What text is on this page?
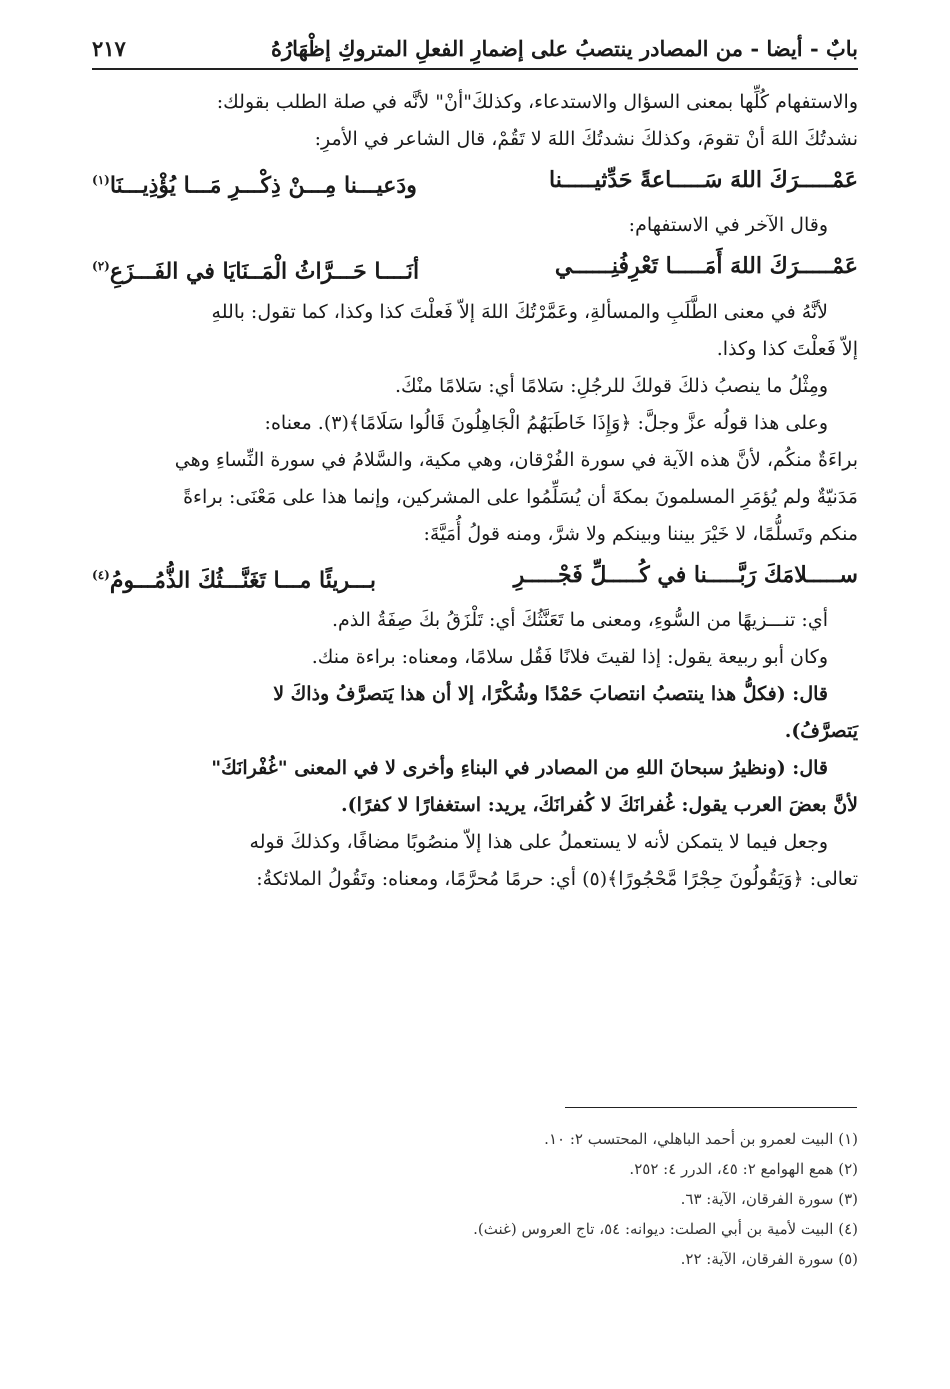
بابٌ - أيضا - من المصادر ينتصبُ على إضمارِ الفعلِ المتروكِ إظْهَارُهُ
٢١٧

والاستفهام كُلِّها بمعنى السؤال والاستدعاء، وكذلكَ"أنْ" لأنَّه في صلة الطلب بقولك:

نشدتُكَ اللهَ أنْ تقومَ، وكذلكَ نشدتُكَ اللهَ لا تَقُمْ، قال الشاعر في الأمرِ:

عَمْـــــرَكَ اللهَ سَـــــاعةً حَدِّثيـــــنا
ودَعيـــنا مِـــنْ ذِكْـــرِ مَـــا يُؤْذِيـــنَا$^{(١)}$

وقال الآخر في الاستفهام:

عَمْـــــرَكَ اللهَ أَمَـــــا تَعْرِفُنِــــــي
أنَــــا حَـــرَّاثُ الْمَــنَايَا في الفَـــزَعِ$^{(٢)}$

لأنَّهُ في معنى الطَّلَبِ والمسألةِ، وعَمَّرْتُكَ اللهَ إلاّ فَعلْتَ كذا وكذا، كما تقول: باللهِ

إلاّ فَعلْتَ كذا وكذا.

ومِثْلُ ما ينصبُ ذلكَ قولكَ للرجُلِ: سَلامًا أي: سَلامًا منْكَ.

وعلى هذا قولُه عزَّ وجلَّ: ﴿وَإِذَا خَاطَبَهُمُ الْجَاهِلُونَ قَالُوا سَلَامًا﴾(٣). معناه:

براءَةٌ منكُم، لأنَّ هذه الآية في سورة الفُرْقان، وهي مكية، والسَّلامُ في سورة النِّساءِ وهي

مَدَنيّةٌ ولم يُؤمَرِ المسلمونَ بمكةَ أن يُسَلِّمُوا على المشركين، وإنما هذا على مَعْنَى: براءةً

منكم وتَسلُّمًا، لا خَيْرَ بيننا وبينكم ولا شرَّ، ومنه قولُ أُمَيَّةَ:

ســـــلامَكَ رَبَّـــــنا في كُـــــلِّ فَجْـــــرِ
بـــريئًا مـــا تَغَنَّـــثُكَ الذُّمُـــومُ$^{(٤)}$

أي: تنـــزيهًا من السُّوءِ، ومعنى ما تَعَنَّثُكَ أي: تَلْزَقُ بكَ صِفَةُ الذم.

وكان أبو ربيعة يقول: إذا لقيتَ فلانًا فَقُل سلامًا، ومعناه: براءة منك.

قال: (فكلُّ هذا ينتصبُ انتصابَ حَمْدًا وشُكْرًا، إلا أن هذا يَتصرَّفُ وذاكَ لا

يَتصرَّفُ).

قال: (ونظيرُ سبحانَ اللهِ من المصادر في البناءِ وأخرى لا في المعنى "غُفْرانَكَ"

لأنَّ بعضَ العرب يقول: غُفرانَكَ لا كُفرانَكَ، يريد: استغفارًا لا كفرًا).

وجعل فيما لا يتمكن لأنه لا يستعملُ على هذا إلاّ منصُوبًا مضافًا، وكذلكَ قوله

تعالى: ﴿وَيَقُولُونَ حِجْرًا مَّحْجُورًا﴾(٥) أي: حرمًا مُحرَّمًا، ومعناه: وتَقُولُ الملائكةُ:

(١) البيت لعمرو بن أحمد الباهلي، المحتسب ٢: ١٠.
(٢) همع الهوامع ٢: ٤٥، الدرر ٤: ٢٥٢.
(٣) سورة الفرقان، الآية: ٦٣.
(٤) البيت لأمية بن أبي الصلت: ديوانه: ٥٤، تاج العروس (غنث).
(٥) سورة الفرقان، الآية: ٢٢.
